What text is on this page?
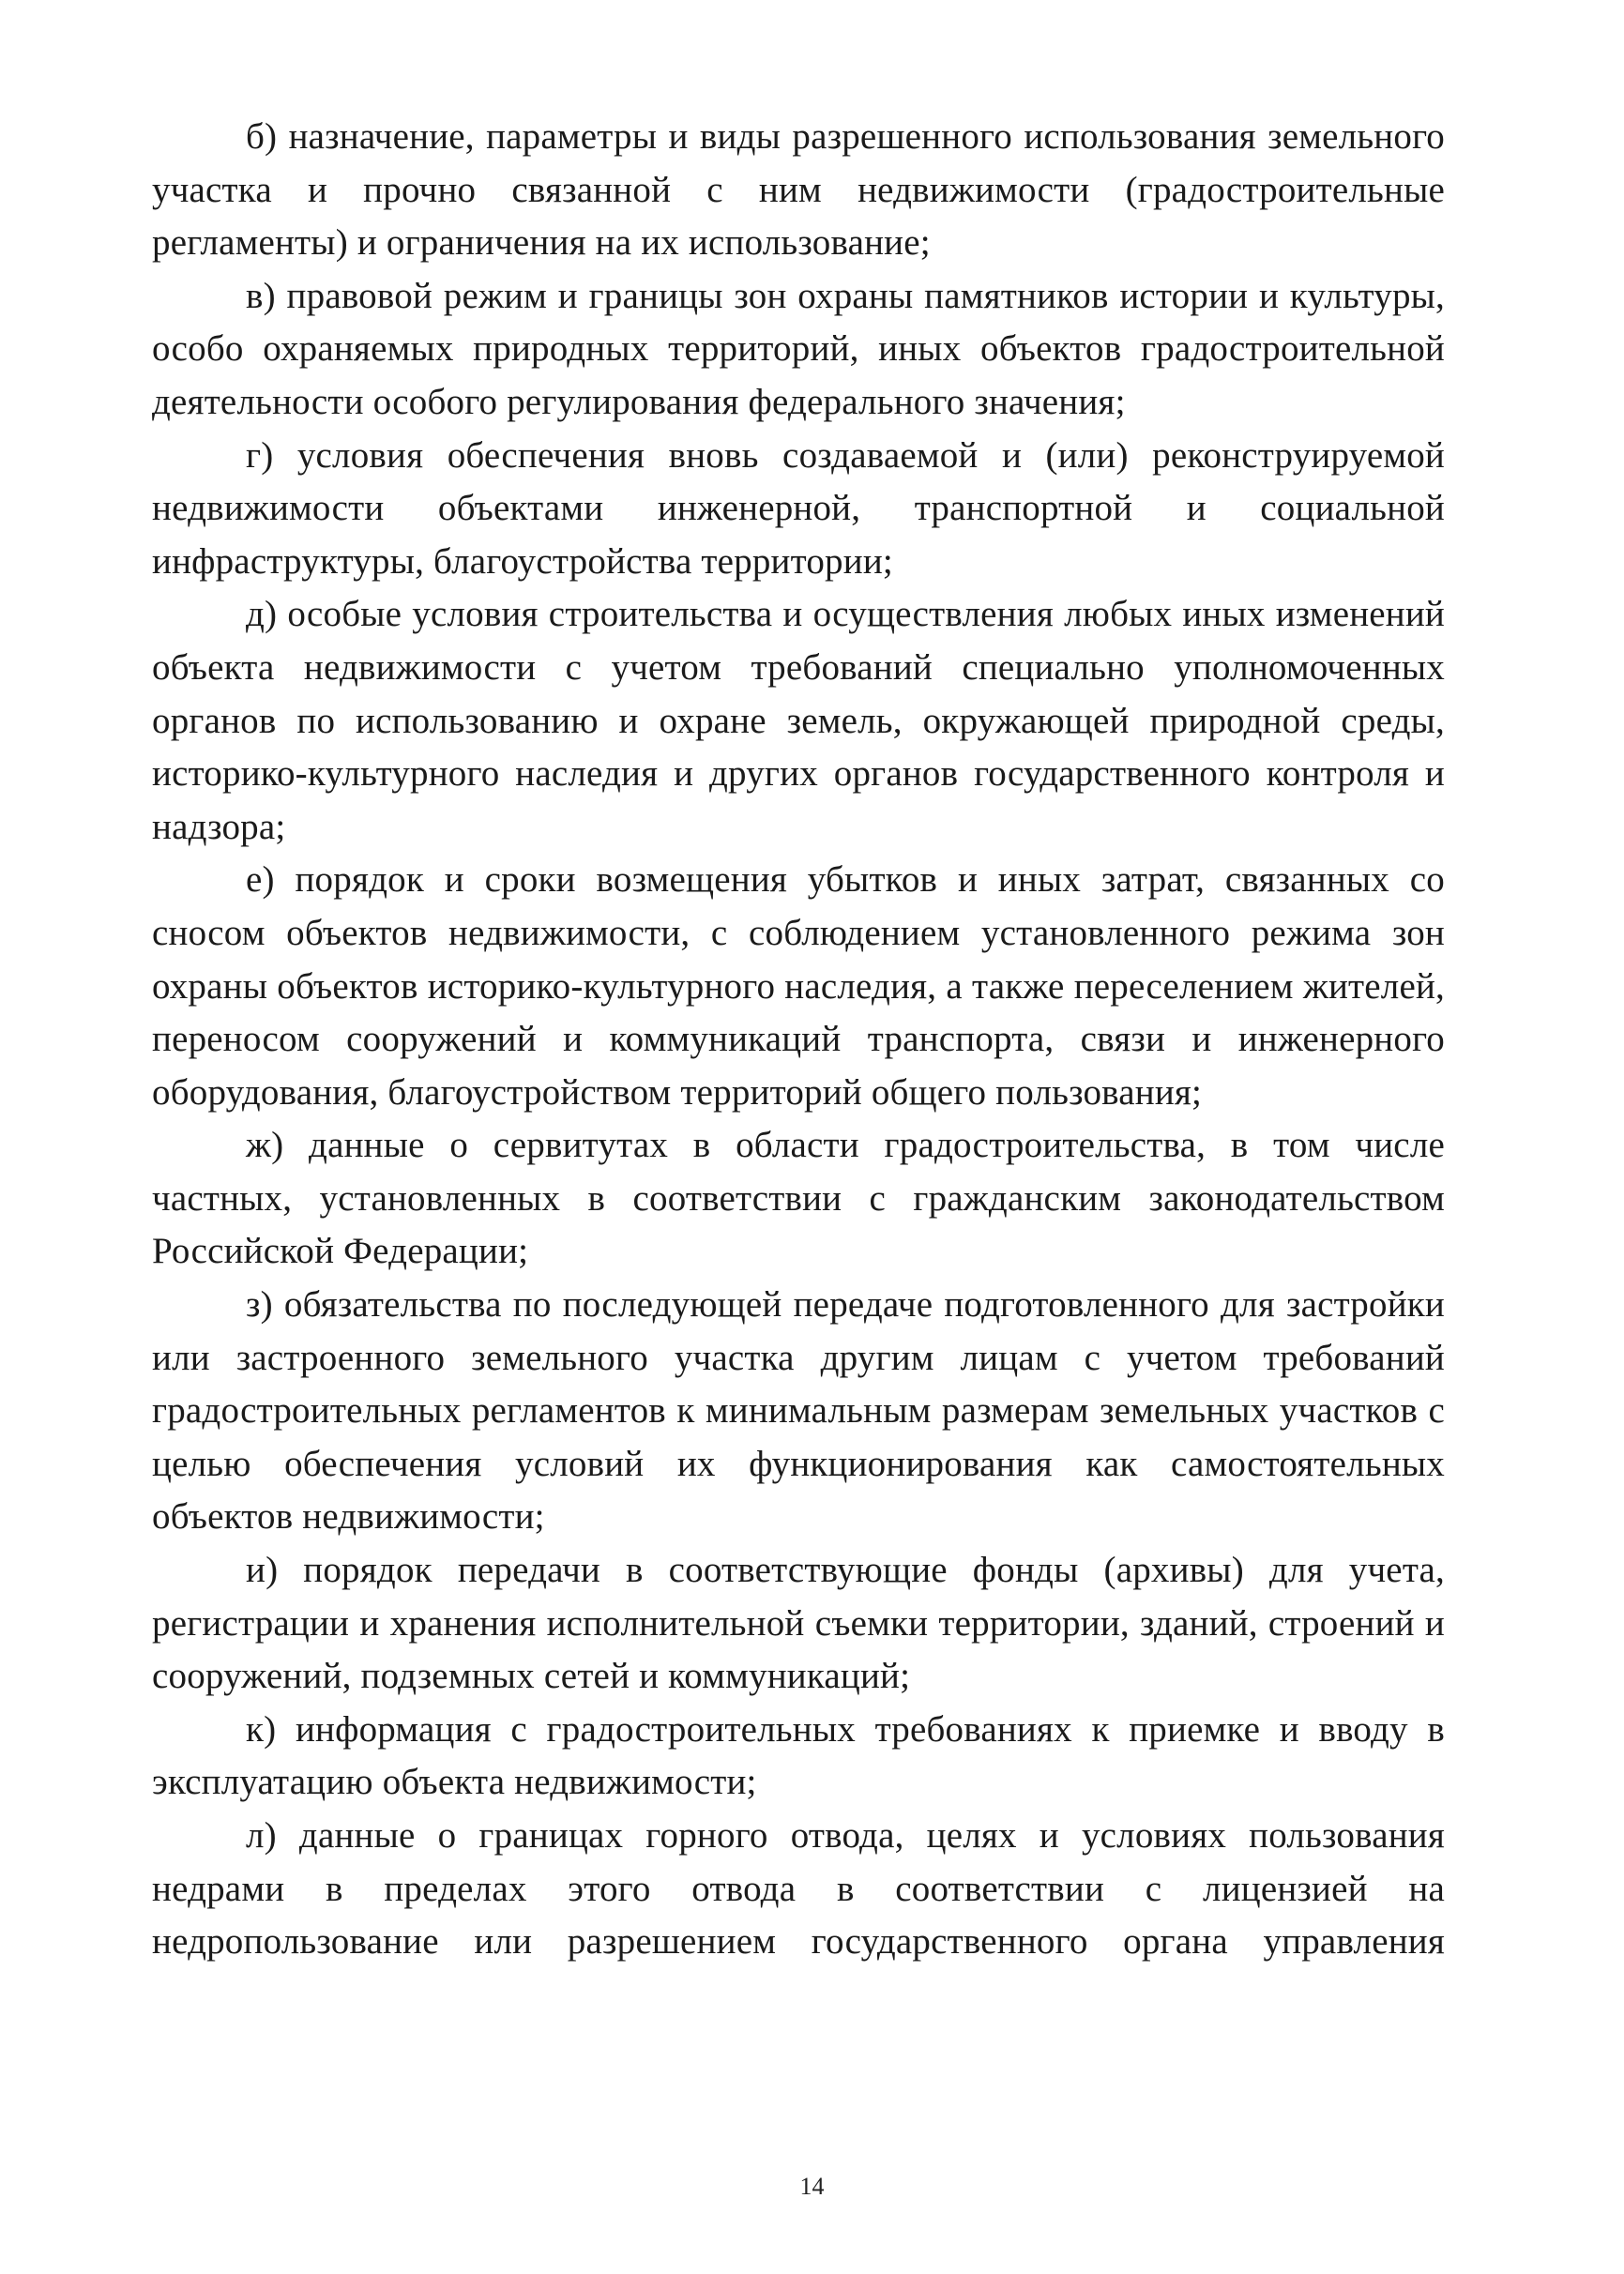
б) назначение, параметры и виды разрешенного использования земельного участка и прочно связанной с ним недвижимости (градостроительные регламенты) и ограничения на их использование;

в) правовой режим и границы зон охраны памятников истории и культуры, особо охраняемых природных территорий, иных объектов градостроительной деятельности особого регулирования федерального значения;

г) условия обеспечения вновь создаваемой и (или) реконструируемой недвижимости объектами инженерной, транспортной и социальной инфраструктуры, благоустройства территории;

д) особые условия строительства и осуществления любых иных изменений объекта недвижимости с учетом требований специально уполномоченных органов по использованию и охране земель, окружающей природной среды, историко-культурного наследия и других органов государственного контроля и надзора;

е) порядок и сроки возмещения убытков и иных затрат, связанных со сносом объектов недвижимости, с соблюдением установленного режима зон охраны объектов историко-культурного наследия, а также переселением жителей, переносом сооружений и коммуникаций транспорта, связи и инженерного оборудования, благоустройством территорий общего пользования;

ж) данные о сервитутах в области градостроительства, в том числе частных, установленных в соответствии с гражданским законодательством Российской Федерации;

з) обязательства по последующей передаче подготовленного для застройки или застроенного земельного участка другим лицам с учетом требований градостроительных регламентов к минимальным размерам земельных участков с целью обеспечения условий их функционирования как самостоятельных объектов недвижимости;

и) порядок передачи в соответствующие фонды (архивы) для учета, регистрации и хранения исполнительной съемки территории, зданий, строений и сооружений, подземных сетей и коммуникаций;

к) информация с градостроительных требованиях к приемке и вводу в эксплуатацию объекта недвижимости;

л) данные о границах горного отвода, целях и условиях пользования недрами в пределах этого отвода в соответствии с лицензией на недропользование или разрешением государственного органа управления

14
